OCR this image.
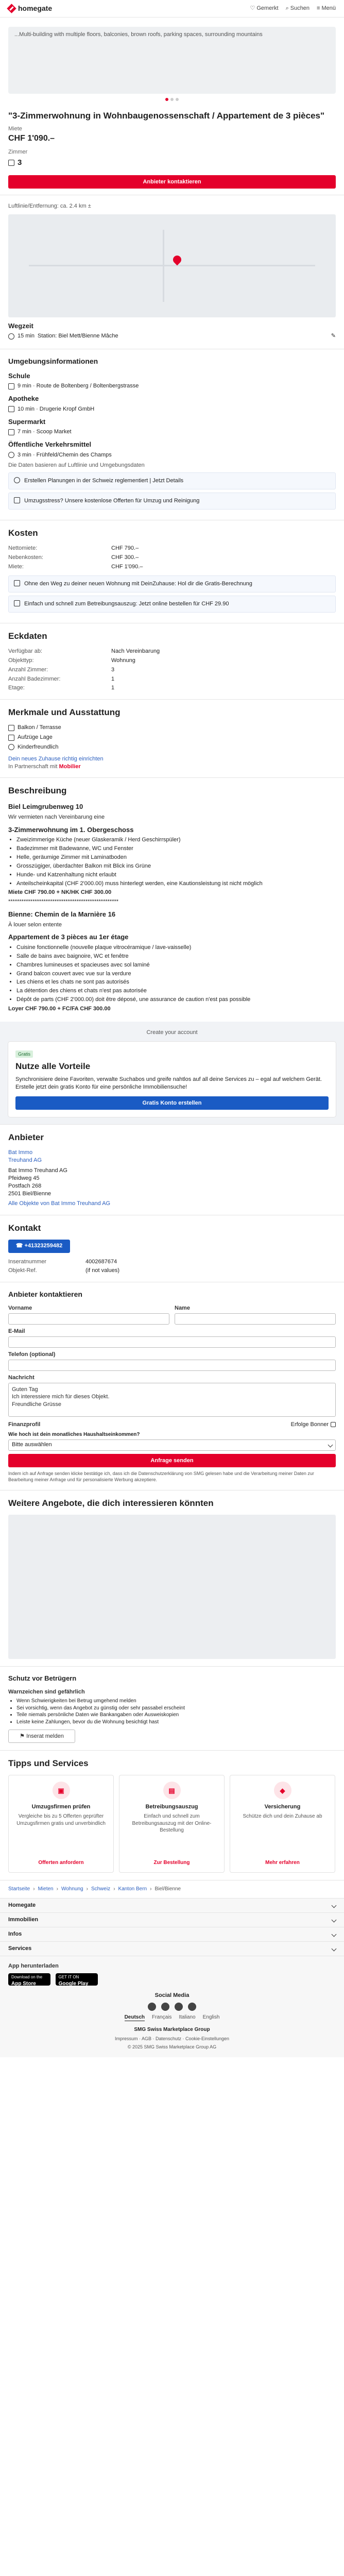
homegate	♡ Gemerkt ⌕ Suchen ≡ Menü
...Multi-building with multiple floors, balconies, brown roofs, parking spaces, surrounding mountains
"3-Zimmerwohnung in Wohnbaugenossenschaft / Appartement de 3 pièces"
Miete
CHF 1'090.–
Zimmer
3
Anbieter kontaktieren
Luftlinie/Entfernung: ca. 2.4 km ±
Wegzeit
15 min Station: Biel Mett/Bienne Mâche	✎
Umgebungsinformationen
Schule
9 min · Route de Boltenberg / Boltenbergstrasse
Apotheke
10 min · Drugerie Kropf GmbH
Supermarkt
7 min · Scoop Market
Öffentliche Verkehrsmittel
3 min · Frühfeld/Chemin des Champs
Die Daten basieren auf Luftlinie und Umgebungsdaten
Erstellen Planungen in der Schweiz reglementiert | Jetzt Details
Umzugsstress? Unsere kostenlose Offerten für Umzug und Reinigung
Kosten
Nettomiete:	CHF 790.–
Nebenkosten:	CHF 300.–
Miete:	CHF 1'090.–
Ohne den Weg zu deiner neuen Wohnung mit DeinZuhause: Hol dir die Gratis-Berechnung
Einfach und schnell zum Betreibungsauszug: Jetzt online bestellen für CHF 29.90
Eckdaten
Verfügbar ab:	Nach Vereinbarung
Objekttyp:	Wohnung
Anzahl Zimmer:	3
Anzahl Badezimmer:	1
Etage:	1
Merkmale und Ausstattung
Balkon / Terrasse
Aufzüge Lage
Kinderfreundlich
Dein neues Zuhause richtig einrichten
In Partnerschaft mit Mobilier
Beschreibung
Biel Leimgrubenweg 10

Wir vermieten nach Vereinbarung eine

3-Zimmerwohnung im 1. Obergeschoss
• Zweizimmerige Küche (neuer Glaskeramik / Herd Geschirrspüler)
• Badezimmer mit Badewanne, WC und Fenster
• Helle, geräumige Zimmer mit Laminatboden
• Grosszügiger, überdachter Balkon mit Blick ins Grüne
• Hunde- und Katzenhaltung nicht erlaubt
• Anteilscheinkapital (CHF 2'000.00) muss hinterlegt werden, eine Kautionsleistung ist nicht möglich

Miete CHF 790.00 + NK/HK CHF 300.00

**************************************************

Bienne: Chemin de la Marnière 16

À louer selon entente

Appartement de 3 pièces au 1er étage
• Cuisine fonctionnelle (nouvelle plaque vitrocéramique / lave-vaisselle)
• Salle de bains avec baignoire, WC et fenêtre
• Chambres lumineuses et spacieuses avec sol laminé
• Grand balcon couvert avec vue sur la verdure
• Les chiens et les chats ne sont pas autorisés
• La détention des chiens et chats n'est pas autorisée
• Dépôt de parts (CHF 2'000.00) doit être déposé, une assurance de caution n'est pas possible

Loyer CHF 790.00 + FC/FA CHF 300.00

Create your account
Gratis
Nutze alle Vorteile

Synchronisiere deine Favoriten, verwalte Suchabos und greife nahtlos auf all deine Services zu – egal auf welchem Gerät. Erstelle jetzt dein gratis Konto für eine persönliche Immobiliensuche!

Gratis Konto erstellen
Anbieter
Bat Immo
Treuhand AG
Bat Immo Treuhand AG
Pfeidweg 45
Postfach 268
2501 Biel/Bienne
Alle Objekte von Bat Immo Treuhand AG
Kontakt
☎ +41323259482
Inseratnummer	4002687674
Objekt-Ref.	(if not values)
Anbieter kontaktieren
Vorname	Name
E-Mail
Telefon (optional)
Nachricht
Guten Tag
Ich interessiere mich für dieses Objekt.
Freundliche Grüsse
Finanzprofil	Erfolge Bonner
Wie hoch ist dein monatliches Haushaltseinkommen?
Bitte auswählen
Anfrage senden

Indem ich auf Anfrage senden klicke bestätige ich, dass ich die Datenschutzerklärung von SMG gelesen habe und die Verarbeitung meiner Daten zur Bearbeitung meiner Anfrage und für personalisierte Werbung akzeptiere.

Weitere Angebote, die dich interessieren könnten
Schutz vor Betrügern
Warnzeichen sind gefährlich
• Wenn Schwierigkeiten bei Betrug umgehend melden
• Sei vorsichtig, wenn das Angebot zu günstig oder sehr passabel erscheint
• Teile niemals persönliche Daten wie Bankangaben oder Ausweiskopien
• Leiste keine Zahlungen, bevor du die Wohnung besichtigt hast
⚑ Inserat melden
Tipps und Services
▣
Umzugsfirmen prüfen
Vergleiche bis zu 5 Offerten geprüfter Umzugsfirmen gratis und unverbindlich
Offerten anfordern
▤
Betreibungsauszug
Einfach und schnell zum Betreibungsauszug mit der Online-Bestellung
Zur Bestellung
◆
Versicherung
Schütze dich und dein Zuhause ab
Mehr erfahren
Startseite › Mieten › Wohnung › Schweiz › Kanton Bern › Biel/Bienne
Homegate
Immobilien
Infos
Services
App herunterladen
Download on the
App Store
GET IT ON
Google Play
Social Media
Deutsch Français Italiano English
SMG Swiss Marketplace Group
Impressum · AGB · Datenschutz · Cookie-Einstellungen
© 2025 SMG Swiss Marketplace Group AG
